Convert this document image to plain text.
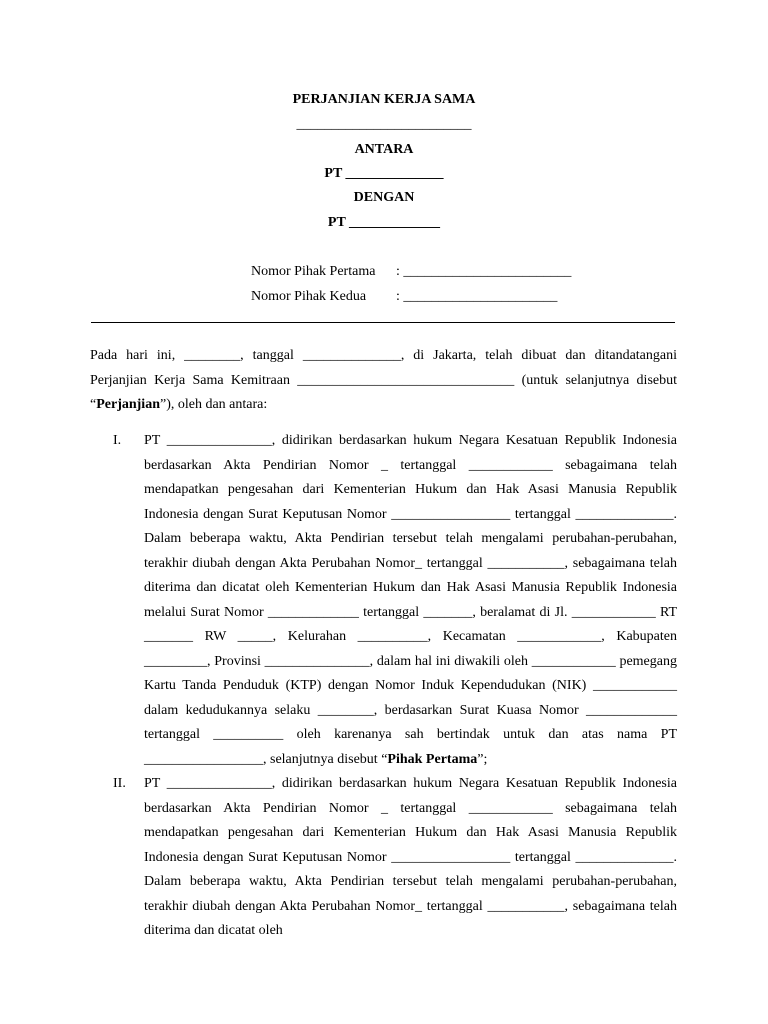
PERJANJIAN KERJA SAMA
_________________________
ANTARA
PT ______________
DENGAN
PT _____________
Nomor Pihak Pertama : ________________________
Nomor Pihak Kedua : ______________________
Pada hari ini, ________, tanggal ______________, di Jakarta, telah dibuat dan ditandatangani Perjanjian Kerja Sama Kemitraan _______________________________ (untuk selanjutnya disebut “Perjanjian”), oleh dan antara:
I. PT _______________, didirikan berdasarkan hukum Negara Kesatuan Republik Indonesia berdasarkan Akta Pendirian Nomor _ tertanggal ____________ sebagaimana telah mendapatkan pengesahan dari Kementerian Hukum dan Hak Asasi Manusia Republik Indonesia dengan Surat Keputusan Nomor _________________ tertanggal ______________. Dalam beberapa waktu, Akta Pendirian tersebut telah mengalami perubahan-perubahan, terakhir diubah dengan Akta Perubahan Nomor_ tertanggal ___________, sebagaimana telah diterima dan dicatat oleh Kementerian Hukum dan Hak Asasi Manusia Republik Indonesia melalui Surat Nomor _____________ tertanggal _______, beralamat di Jl. ____________ RT _______ RW _____, Kelurahan __________, Kecamatan ____________, Kabupaten _________, Provinsi _______________, dalam hal ini diwakili oleh ____________ pemegang Kartu Tanda Penduduk (KTP) dengan Nomor Induk Kependudukan (NIK) ____________ dalam kedudukannya selaku ________, berdasarkan Surat Kuasa Nomor _____________ tertanggal __________ oleh karenanya sah bertindak untuk dan atas nama PT _________________, selanjutnya disebut “Pihak Pertama”;
II. PT _______________, didirikan berdasarkan hukum Negara Kesatuan Republik Indonesia berdasarkan Akta Pendirian Nomor _ tertanggal ____________ sebagaimana telah mendapatkan pengesahan dari Kementerian Hukum dan Hak Asasi Manusia Republik Indonesia dengan Surat Keputusan Nomor _________________ tertanggal ______________. Dalam beberapa waktu, Akta Pendirian tersebut telah mengalami perubahan-perubahan, terakhir diubah dengan Akta Perubahan Nomor_ tertanggal ___________, sebagaimana telah diterima dan dicatat oleh
